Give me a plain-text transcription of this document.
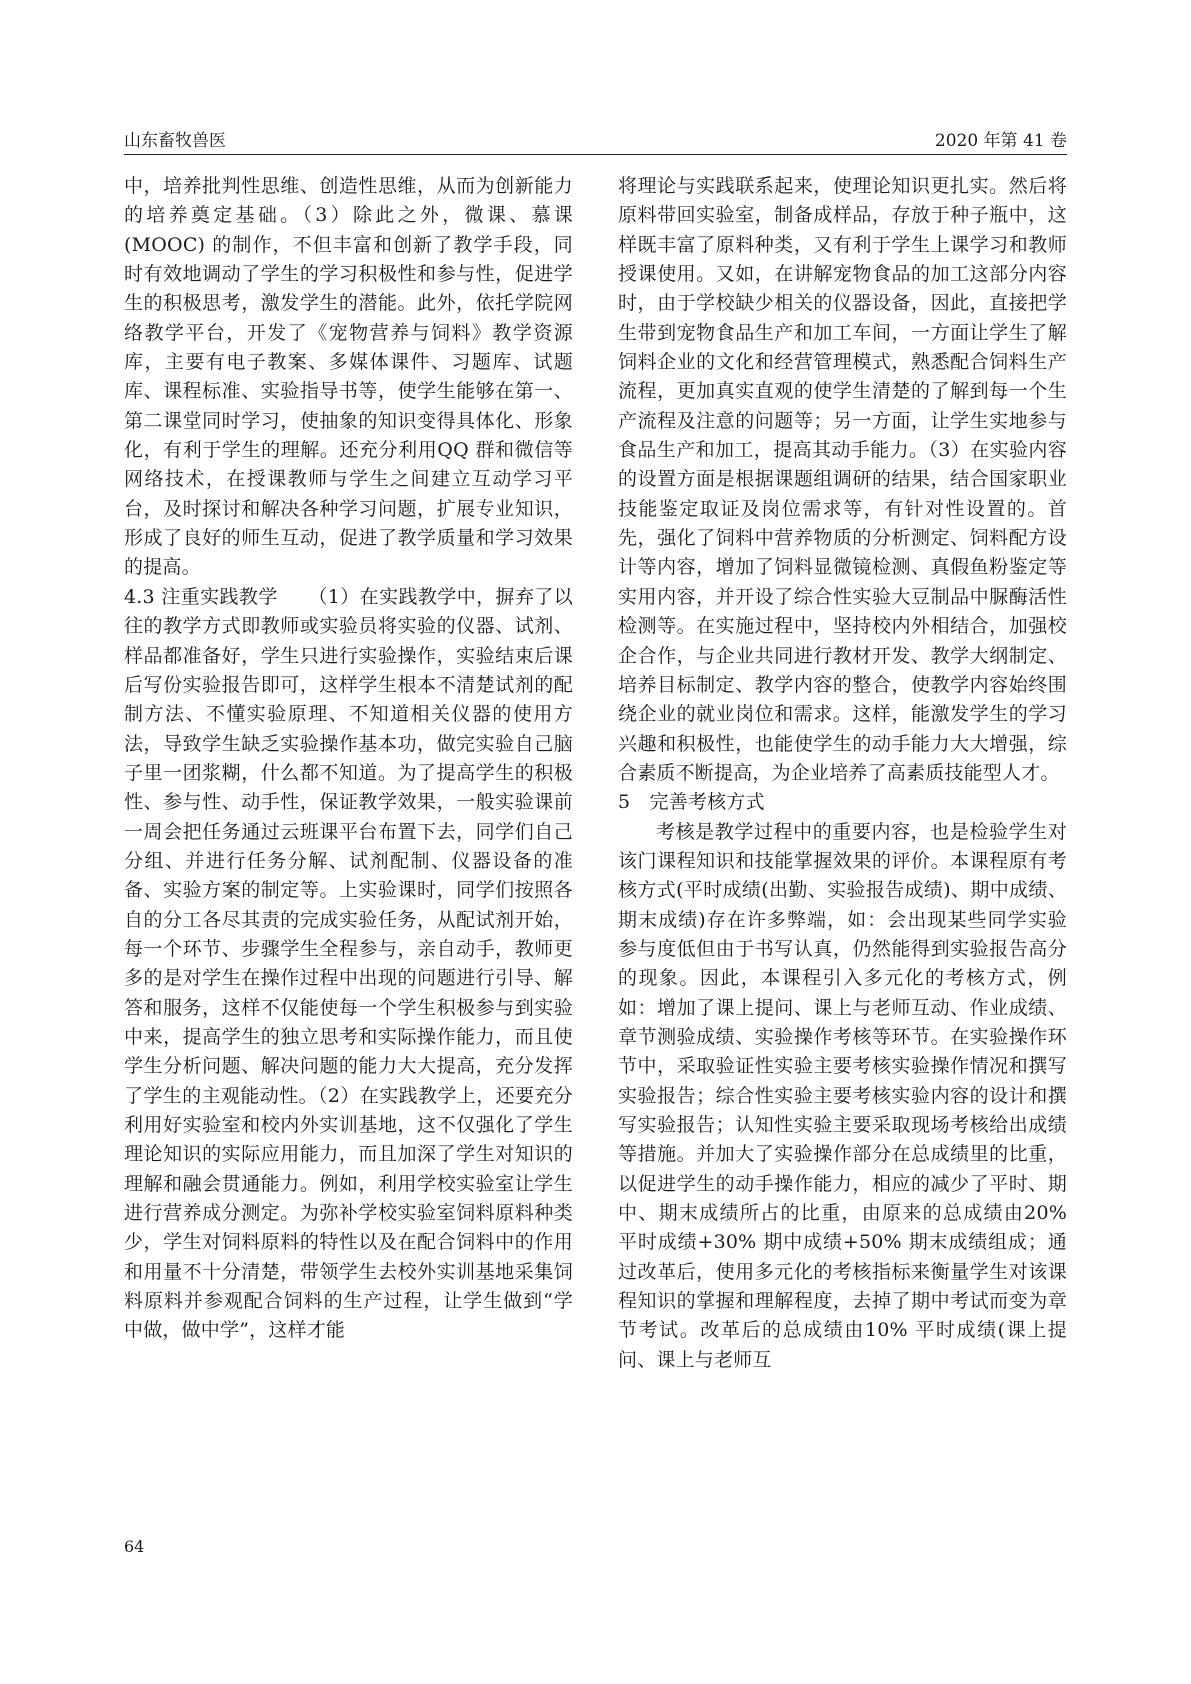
山东畜牧兽医	2020 年第 41 卷

中，培养批判性思维、创造性思维，从而为创新能力的培养奠定基础。（3）除此之外，微课、慕课(MOOC) 的制作，不但丰富和创新了教学手段，同时有效地调动了学生的学习积极性和参与性，促进学生的积极思考，激发学生的潜能。此外，依托学院网络教学平台，开发了《宠物营养与饲料》教学资源库，主要有电子教案、多媒体课件、习题库、试题库、课程标准、实验指导书等，使学生能够在第一、第二课堂同时学习，使抽象的知识变得具体化、形象化，有利于学生的理解。还充分利用QQ 群和微信等网络技术，在授课教师与学生之间建立互动学习平台，及时探讨和解决各种学习问题，扩展专业知识，形成了良好的师生互动，促进了教学质量和学习效果的提高。

4.3 注重实践教学 （1）在实践教学中，摒弃了以往的教学方式即教师或实验员将实验的仪器、试剂、样品都准备好，学生只进行实验操作，实验结束后课后写份实验报告即可，这样学生根本不清楚试剂的配制方法、不懂实验原理、不知道相关仪器的使用方法，导致学生缺乏实验操作基本功，做完实验自己脑子里一团浆糊，什么都不知道。为了提高学生的积极性、参与性、动手性，保证教学效果，一般实验课前一周会把任务通过云班课平台布置下去，同学们自己分组、并进行任务分解、试剂配制、仪器设备的准备、实验方案的制定等。上实验课时，同学们按照各自的分工各尽其责的完成实验任务，从配试剂开始，每一个环节、步骤学生全程参与，亲自动手，教师更多的是对学生在操作过程中出现的问题进行引导、解答和服务，这样不仅能使每一个学生积极参与到实验中来，提高学生的独立思考和实际操作能力，而且使学生分析问题、解决问题的能力大大提高，充分发挥了学生的主观能动性。（2）在实践教学上，还要充分利用好实验室和校内外实训基地，这不仅强化了学生理论知识的实际应用能力，而且加深了学生对知识的理解和融会贯通能力。例如，利用学校实验室让学生进行营养成分测定。为弥补学校实验室饲料原料种类少，学生对饲料原料的特性以及在配合饲料中的作用和用量不十分清楚，带领学生去校外实训基地采集饲料原料并参观配合饲料的生产过程，让学生做到“学中做，做中学”，这样才能

将理论与实践联系起来，使理论知识更扎实。然后将原料带回实验室，制备成样品，存放于种子瓶中，这样既丰富了原料种类，又有利于学生上课学习和教师授课使用。又如，在讲解宠物食品的加工这部分内容时，由于学校缺少相关的仪器设备，因此，直接把学生带到宠物食品生产和加工车间，一方面让学生了解饲料企业的文化和经营管理模式，熟悉配合饲料生产流程，更加真实直观的使学生清楚的了解到每一个生产流程及注意的问题等；另一方面，让学生实地参与食品生产和加工，提高其动手能力。（3）在实验内容的设置方面是根据课题组调研的结果，结合国家职业技能鉴定取证及岗位需求等，有针对性设置的。首先，强化了饲料中营养物质的分析测定、饲料配方设计等内容，增加了饲料显微镜检测、真假鱼粉鉴定等实用内容，并开设了综合性实验大豆制品中脲酶活性检测等。在实施过程中，坚持校内外相结合，加强校企合作，与企业共同进行教材开发、教学大纲制定、培养目标制定、教学内容的整合，使教学内容始终围绕企业的就业岗位和需求。这样，能激发学生的学习兴趣和积极性，也能使学生的动手能力大大增强，综合素质不断提高，为企业培养了高素质技能型人才。

5　完善考核方式

考核是教学过程中的重要内容，也是检验学生对该门课程知识和技能掌握效果的评价。本课程原有考核方式(平时成绩(出勤、实验报告成绩)、期中成绩、期末成绩)存在许多弊端，如：会出现某些同学实验参与度低但由于书写认真，仍然能得到实验报告高分的现象。因此，本课程引入多元化的考核方式，例如：增加了课上提问、课上与老师互动、作业成绩、章节测验成绩、实验操作考核等环节。在实验操作环节中，采取验证性实验主要考核实验操作情况和撰写实验报告；综合性实验主要考核实验内容的设计和撰写实验报告；认知性实验主要采取现场考核给出成绩等措施。并加大了实验操作部分在总成绩里的比重，以促进学生的动手操作能力，相应的减少了平时、期中、期末成绩所占的比重，由原来的总成绩由20% 平时成绩+30% 期中成绩+50% 期末成绩组成；通过改革后，使用多元化的考核指标来衡量学生对该课程知识的掌握和理解程度，去掉了期中考试而变为章节考试。改革后的总成绩由10% 平时成绩(课上提问、课上与老师互

64
